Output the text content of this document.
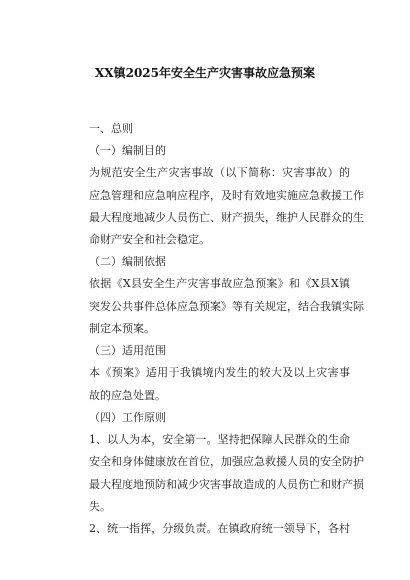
XX镇2025年安全生产灾害事故应急预案
一、总则
（一）编制目的
为规范安全生产灾害事故（以下简称：灾害事故）的
应急管理和应急响应程序，及时有效地实施应急救援工作
最大程度地减少人员伤亡、财产损失，维护人民群众的生
命财产安全和社会稳定。
（二）编制依据
依据《X县安全生产灾害事故应急预案》和《X县X镇
突发公共事件总体应急预案》等有关规定，结合我镇实际
制定本预案。
（三）适用范围
本《预案》适用于我镇境内发生的较大及以上灾害事
故的应急处置。
（四）工作原则
1、以人为本，安全第一。坚持把保障人民群众的生命
安全和身体健康放在首位，加强应急救援人员的安全防护
最大程度地预防和减少灾害事故造成的人员伤亡和财产损
失。
2、统一指挥，分级负责。在镇政府统一领导下，各村
